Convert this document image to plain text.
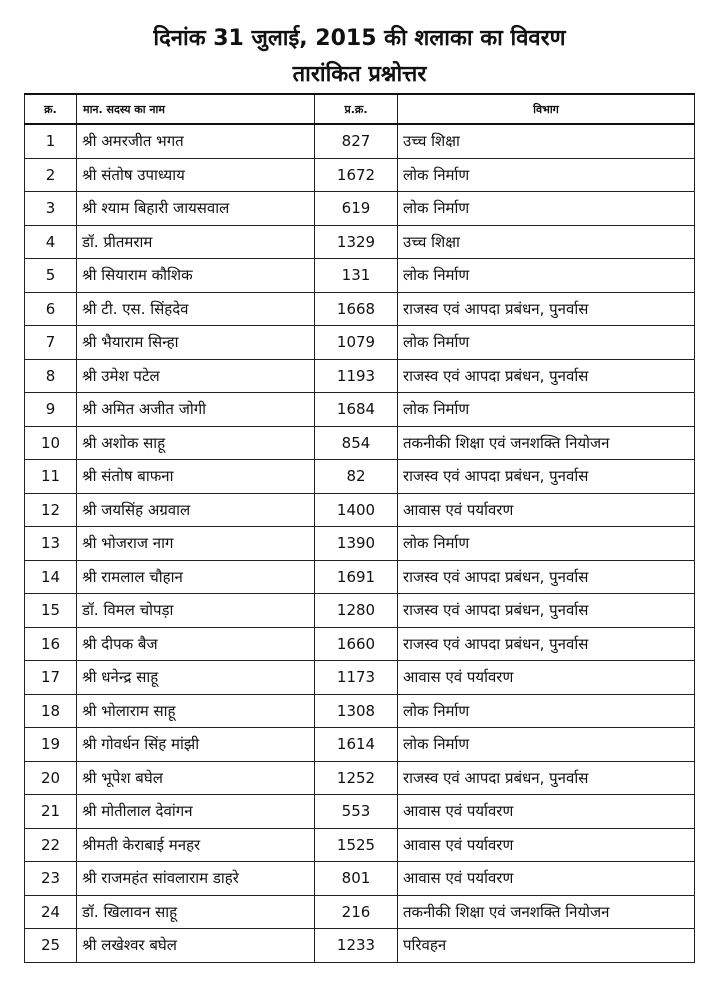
दिनांक 31 जुलाई, 2015 की शलाका का विवरण
तारांकित प्रश्नोत्तर
क्र.	मान. सदस्य का नाम	प्र.क्र.	विभाग
1	श्री अमरजीत भगत	827	उच्च शिक्षा
2	श्री संतोष उपाध्याय	1672	लोक निर्माण
3	श्री श्याम बिहारी जायसवाल	619	लोक निर्माण
4	डॉ. प्रीतमराम	1329	उच्च शिक्षा
5	श्री सियाराम कौशिक	131	लोक निर्माण
6	श्री टी. एस. सिंहदेव	1668	राजस्व एवं आपदा प्रबंधन, पुनर्वास
7	श्री भैयाराम सिन्हा	1079	लोक निर्माण
8	श्री उमेश पटेल	1193	राजस्व एवं आपदा प्रबंधन, पुनर्वास
9	श्री अमित अजीत जोगी	1684	लोक निर्माण
10	श्री अशोक साहू	854	तकनीकी शिक्षा एवं जनशक्ति नियोजन
11	श्री संतोष बाफना	82	राजस्व एवं आपदा प्रबंधन, पुनर्वास
12	श्री जयसिंह अग्रवाल	1400	आवास एवं पर्यावरण
13	श्री भोजराज नाग	1390	लोक निर्माण
14	श्री रामलाल चौहान	1691	राजस्व एवं आपदा प्रबंधन, पुनर्वास
15	डॉ. विमल चोपड़ा	1280	राजस्व एवं आपदा प्रबंधन, पुनर्वास
16	श्री दीपक बैज	1660	राजस्व एवं आपदा प्रबंधन, पुनर्वास
17	श्री धनेन्द्र साहू	1173	आवास एवं पर्यावरण
18	श्री भोलाराम साहू	1308	लोक निर्माण
19	श्री गोवर्धन सिंह मांझी	1614	लोक निर्माण
20	श्री भूपेश बघेल	1252	राजस्व एवं आपदा प्रबंधन, पुनर्वास
21	श्री मोतीलाल देवांगन	553	आवास एवं पर्यावरण
22	श्रीमती केराबाई मनहर	1525	आवास एवं पर्यावरण
23	श्री राजमहंत सांवलाराम डाहरे	801	आवास एवं पर्यावरण
24	डॉ. खिलावन साहू	216	तकनीकी शिक्षा एवं जनशक्ति नियोजन
25	श्री लखेश्वर बघेल	1233	परिवहन
